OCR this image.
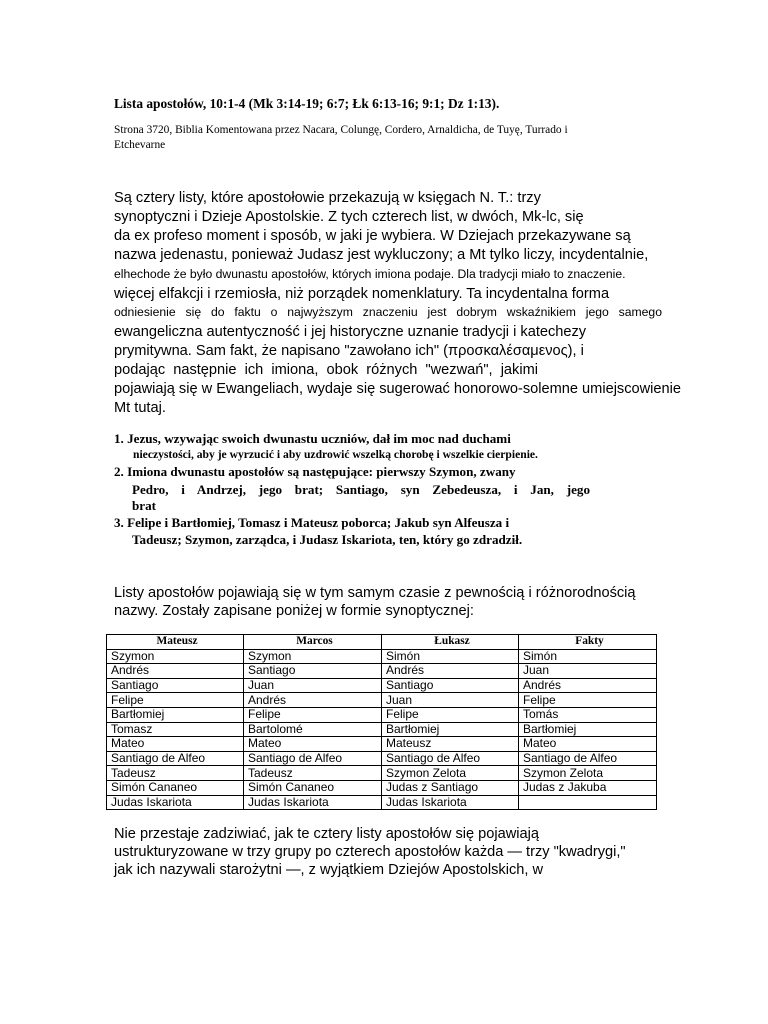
Lista apostołów, 10:1-4 (Mk 3:14-19; 6:7; Łk 6:13-16; 9:1; Dz 1:13).
Strona 3720, Biblia Komentowana przez Nacara, Colungę, Cordero, Arnaldicha, de Tuyę, Turrado i
Etchevarne
Są cztery listy, które apostołowie przekazują w księgach N. T.: trzy
synoptyczni i Dzieje Apostolskie. Z tych czterech list, w dwóch, Mk-lc, się
da ex profeso moment i sposób, w jaki je wybiera. W Dziejach przekazywane są
nazwa jedenastu, ponieważ Judasz jest wykluczony; a Mt tylko liczy, incydentalnie,
elhechode że było dwunastu apostołów, których imiona podaje. Dla tradycji miało to znaczenie.
więcej elfakcji i rzemiosła, niż porządek nomenklatury. Ta incydentalna forma
odniesienie się do faktu o najwyższym znaczeniu jest dobrym wskaźnikiem jego samego
ewangeliczna autentyczność i jej historyczne uznanie tradycji i katechezy
prymitywna. Sam fakt, że napisano "zawołano ich" (προσκαλέσαμενος), i
podając następnie ich imiona, obok różnych "wezwań", jakimi
pojawiają się w Ewangeliach, wydaje się sugerować honorowo-solemne umiejscowienie
Mt tutaj.
1. Jezus, wzywając swoich dwunastu uczniów, dał im moc nad duchami
nieczystości, aby je wyrzucić i aby uzdrowić wszelką chorobę i wszelkie cierpienie.
2. Imiona dwunastu apostołów są następujące: pierwszy Szymon, zwany
Pedro, i Andrzej, jego brat; Santiago, syn Zebedeusza, i Jan, jego
brat
3. Felipe i Bartłomiej, Tomasz i Mateusz poborca; Jakub syn Alfeusza i
Tadeusz; Szymon, zarządca, i Judasz Iskariota, ten, który go zdradził.
Listy apostołów pojawiają się w tym samym czasie z pewnością i różnorodnością
nazwy. Zostały zapisane poniżej w formie synoptycznej:
Mateusz	Marcos	Łukasz	Fakty
Szymon	Szymon	Simón	Simón
Andrés	Santiago	Andrés	Juan
Santiago	Juan	Santiago	Andrés
Felipe	Andrés	Juan	Felipe
Bartłomiej	Felipe	Felipe	Tomás
Tomasz	Bartolomé	Bartłomiej	Bartłomiej
Mateo	Mateo	Mateusz	Mateo
Santiago de Alfeo	Santiago de Alfeo	Santiago de Alfeo	Santiago de Alfeo
Tadeusz	Tadeusz	Szymon Zelota	Szymon Zelota
Simón Cananeo	Simón Cananeo	Judas z Santiago	Judas z Jakuba
Judas Iskariota	Judas Iskariota	Judas Iskariota	
Nie przestaje zadziwiać, jak te cztery listy apostołów się pojawiają
ustrukturyzowane w trzy grupy po czterech apostołów każda — trzy "kwadrygi,"
jak ich nazywali starożytni —, z wyjątkiem Dziejów Apostolskich, w
